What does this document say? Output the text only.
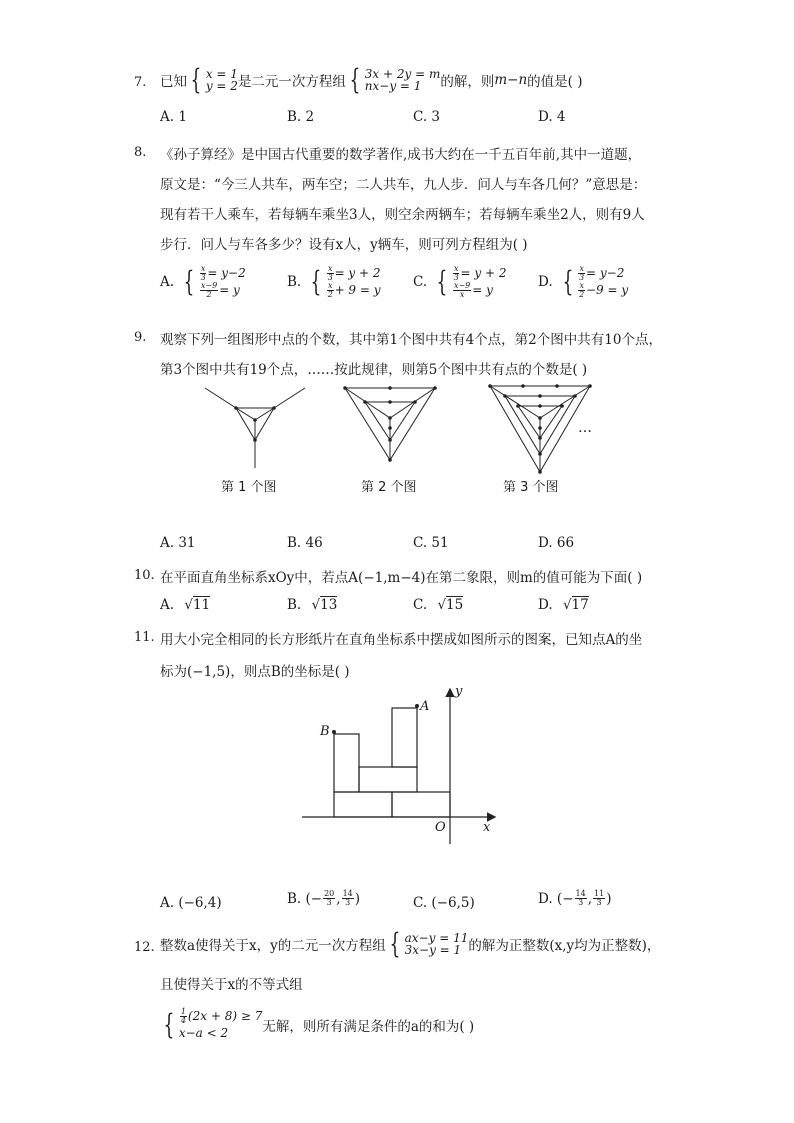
7. 已知 { x = 1
y = 2 是二元一次方程组 { 3x + 2y = m
nx−y = 1	的解，则 m−n 的值是( )
A. 1	B. 2	C. 3	D. 4
8. 《孙子算经》是中国古代重要的数学著作,成书大约在一千五百年前,其中一道题，
原文是：“今三人共车，两车空；二人共车，九人步．问人与车各几何？”意思是：
现有若干人乘车，若每辆车乘坐3人，则空余两辆车；若每辆车乘坐2人，则有9人
步行．问人与车各多少？设有x人，y辆车，则可列方程组为( )
A. { $\frac{x}{3} = y-2$
$\frac{x-9}{2} = y$	B. { $\frac{x}{3} = y + 2$
$\frac{x}{2} + 9 = y$ C. { $\frac{x}{3} = y + 2$
$\frac{x-9}{x} = y$	D. { $\frac{x}{3} = y-2$
$\frac{x}{2} -9 = y$
9. 观察下列一组图形中点的个数，其中第1个图中共有4个点，第2个图中共有10个点，
第3个图中共有19个点，……按此规律，则第5个图中共有点的个数是( )
…
第 1 个图	第 2 个图	第 3 个图
A. 31	B. 46	C. 51	D. 66
10. 在平面直角坐标系xOy中，若点A(−1,m−4)在第二象限，则m的值可能为下面( )
A. √11	B. √13	C. √15	D. √17
11. 用大小完全相同的长方形纸片在直角坐标系中摆成如图所示的图案，已知点A的坐
标为(−1,5)，则点B的坐标是( )
B
A
O	x
y
A. (−6,4)	B. ( − $\frac{20}{3}$ , $\frac{14}{3}$ )	C. (−6,5)	D. ( − $\frac{14}{3}$ , $\frac{11}{3}$ )
12. 整数a使得关于x，y的二元一次方程组 { ax−y = 11
3x−y = 1 的解为正整数(x,y均为正整数)，
且使得关于x的不等式组
{ $\frac{1}{4} (2x + 8) \ge 7$
x−a < 2	无解，则所有满足条件的a的和为( )
